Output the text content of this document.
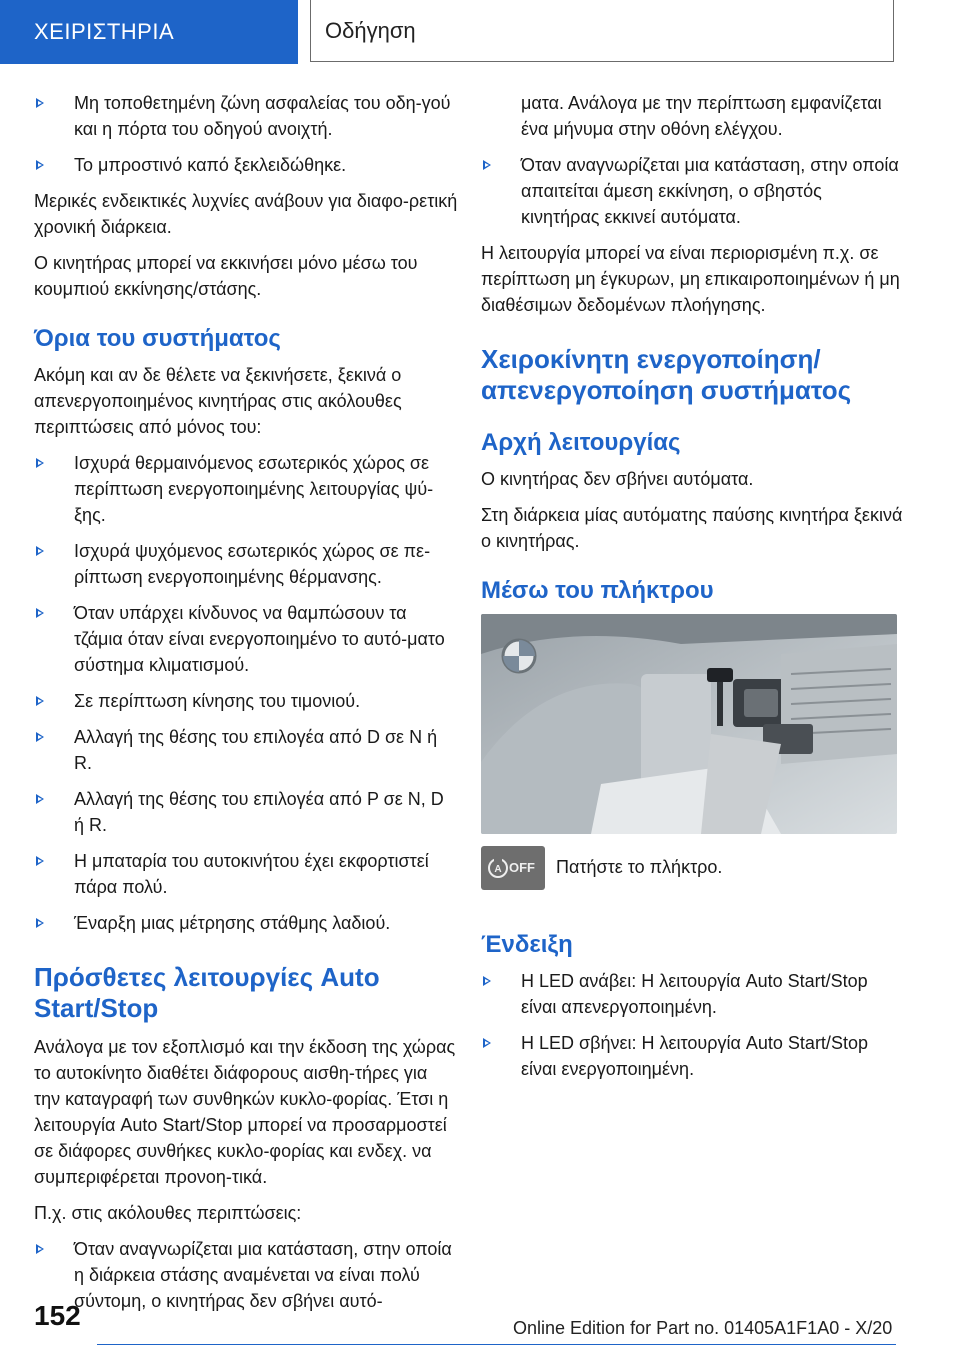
ΧΕΙΡΙΣΤΗΡΙΑ	Οδήγηση
Μη τοποθετημένη ζώνη ασφαλείας του οδη-γού και η πόρτα του οδηγού ανοιχτή.
Το μπροστινό καπό ξεκλειδώθηκε.

Μερικές ενδεικτικές λυχνίες ανάβουν για διαφο-ρετική χρονική διάρκεια.

Ο κινητήρας μπορεί να εκκινήσει μόνο μέσω του κουμπιού εκκίνησης/στάσης.

Όρια του συστήματος

Ακόμη και αν δε θέλετε να ξεκινήσετε, ξεκινά ο απενεργοποιημένος κινητήρας στις ακόλουθες περιπτώσεις από μόνος του:

Ισχυρά θερμαινόμενος εσωτερικός χώρος σε περίπτωση ενεργοποιημένης λειτουργίας ψύ-ξης.
Ισχυρά ψυχόμενος εσωτερικός χώρος σε πε-ρίπτωση ενεργοποιημένης θέρμανσης.
Όταν υπάρχει κίνδυνος να θαμπώσουν τα τζάμια όταν είναι ενεργοποιημένο το αυτό-ματο σύστημα κλιματισμού.
Σε περίπτωση κίνησης του τιμονιού.
Αλλαγή της θέσης του επιλογέα από D σε N ή R.
Αλλαγή της θέσης του επιλογέα από P σε N, D ή R.
Η μπαταρία του αυτοκινήτου έχει εκφορτιστεί πάρα πολύ.
Έναρξη μιας μέτρησης στάθμης λαδιού.
Πρόσθετες λειτουργίες Auto Start/Stop

Ανάλογα με τον εξοπλισμό και την έκδοση της χώρας το αυτοκίνητο διαθέτει διάφορους αισθη-τήρες για την καταγραφή των συνθηκών κυκλο-φορίας. Έτσι η λειτουργία Auto Start/Stop μπορεί να προσαρμοστεί σε διάφορες συνθήκες κυκλο-φορίας και ενδεχ. να συμπεριφέρεται προνοη-τικά.

Π.χ. στις ακόλουθες περιπτώσεις:

Όταν αναγνωρίζεται μια κατάσταση, στην οποία η διάρκεια στάσης αναμένεται να είναι πολύ σύντομη, ο κινητήρας δεν σβήνει αυτό-
ματα. Ανάλογα με την περίπτωση εμφανίζεται ένα μήνυμα στην οθόνη ελέγχου.
Όταν αναγνωρίζεται μια κατάσταση, στην οποία απαιτείται άμεση εκκίνηση, ο σβηστός κινητήρας εκκινεί αυτόματα.

Η λειτουργία μπορεί να είναι περιορισμένη π.χ. σε περίπτωση μη έγκυρων, μη επικαιροποιημένων ή μη διαθέσιμων δεδομένων πλοήγησης.

Χειροκίνητη ενεργοποίηση/ απενεργοποίηση συστήματος
Αρχή λειτουργίας

Ο κινητήρας δεν σβήνει αυτόματα.

Στη διάρκεια μίας αυτόματης παύσης κινητήρα ξεκινά ο κινητήρας.

Μέσω του πλήκτρου
A OFF Πατήστε το πλήκτρο.
Ένδειξη
Η LED ανάβει: Η λειτουργία Auto Start/Stop είναι απενεργοποιημένη.
Η LED σβήνει: Η λειτουργία Auto Start/Stop είναι ενεργοποιημένη.
152	Online Edition for Part no. 01405A1F1A0 - X/20
